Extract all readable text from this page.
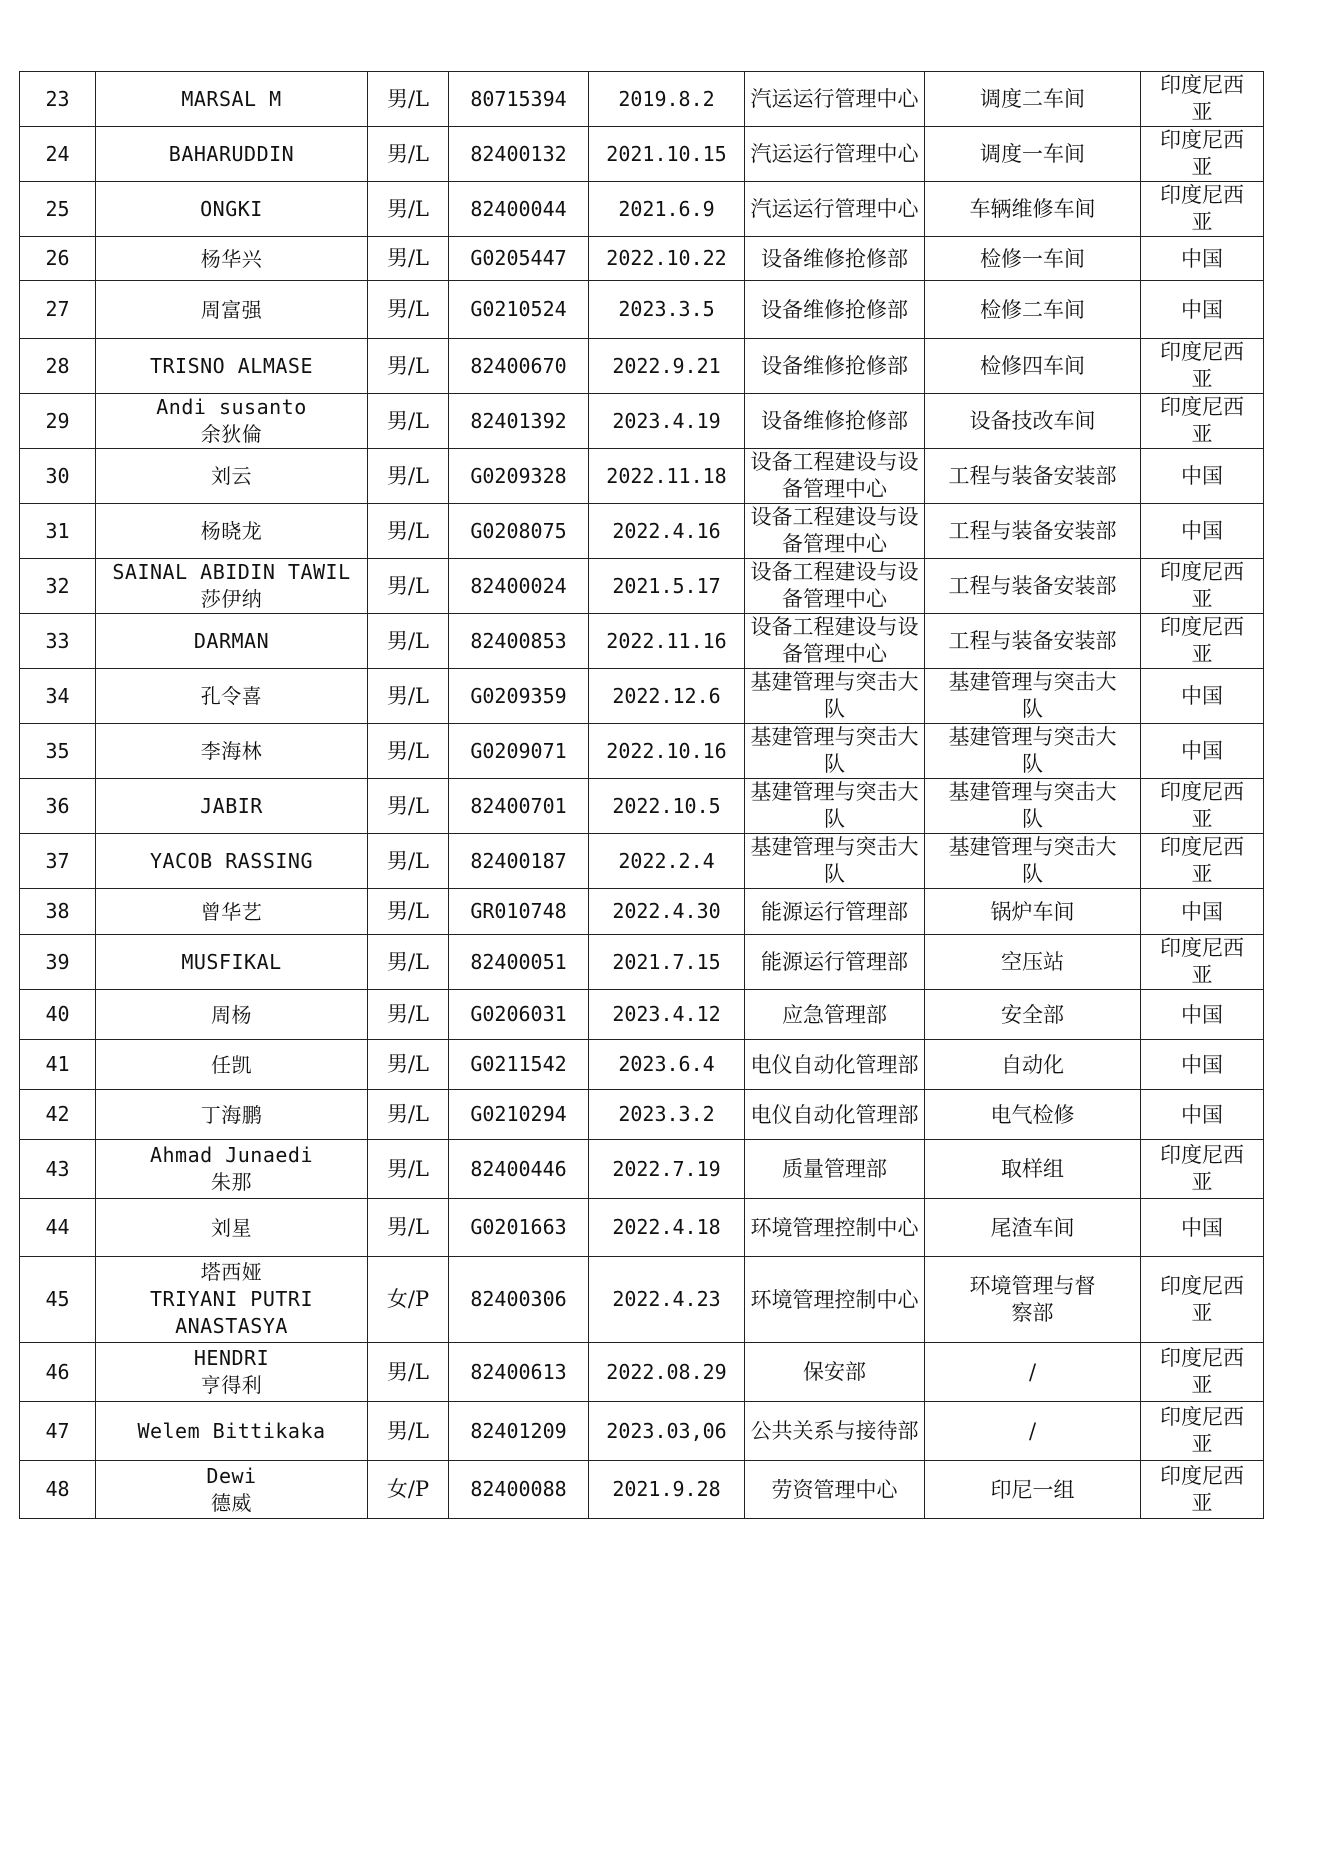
23	MARSAL M	男/L	80715394	2019.8.2	汽运运行管理中心	调度二车间	印度尼西
亚

24	BAHARUDDIN	男/L	82400132	2021.10.15	汽运运行管理中心	调度一车间	印度尼西
亚

25	ONGKI	男/L	82400044	2021.6.9	汽运运行管理中心	车辆维修车间	印度尼西
亚

26	杨华兴	男/L	G0205447	2022.10.22	设备维修抢修部	检修一车间	中国

27	周富强	男/L	G0210524	2023.3.5	设备维修抢修部	检修二车间	中国

28	TRISNO ALMASE	男/L	82400670	2022.9.21	设备维修抢修部	检修四车间	印度尼西
亚

29	Andi susanto
余狄倫	男/L	82401392	2023.4.19	设备维修抢修部	设备技改车间	印度尼西
亚

30	刘云	男/L	G0209328	2022.11.18	设备工程建设与设
备管理中心	工程与装备安装部	中国

31	杨晓龙	男/L	G0208075	2022.4.16	设备工程建设与设
备管理中心	工程与装备安装部	中国

32	SAINAL ABIDIN TAWIL
莎伊纳	男/L	82400024	2021.5.17	设备工程建设与设
备管理中心	工程与装备安装部	印度尼西
亚

33	DARMAN	男/L	82400853	2022.11.16	设备工程建设与设
备管理中心	工程与装备安装部	印度尼西
亚

34	孔令喜	男/L	G0209359	2022.12.6	基建管理与突击大
队	基建管理与突击大
队	中国

35	李海林	男/L	G0209071	2022.10.16	基建管理与突击大
队	基建管理与突击大
队	中国

36	JABIR	男/L	82400701	2022.10.5	基建管理与突击大
队	基建管理与突击大
队	印度尼西
亚

37	YACOB RASSING	男/L	82400187	2022.2.4	基建管理与突击大
队	基建管理与突击大
队	印度尼西
亚

38	曾华艺	男/L	GR010748	2022.4.30	能源运行管理部	锅炉车间	中国

39	MUSFIKAL	男/L	82400051	2021.7.15	能源运行管理部	空压站	印度尼西
亚

40	周杨	男/L	G0206031	2023.4.12	应急管理部	安全部	中国

41	任凯	男/L	G0211542	2023.6.4	电仪自动化管理部	自动化	中国

42	丁海鹏	男/L	G0210294	2023.3.2	电仪自动化管理部	电气检修	中国

43	Ahmad Junaedi
朱那	男/L	82400446	2022.7.19	质量管理部	取样组	印度尼西
亚

44	刘星	男/L	G0201663	2022.4.18	环境管理控制中心	尾渣车间	中国

45	塔西娅
TRIYANI PUTRI
ANASTASYA	女/P	82400306	2022.4.23	环境管理控制中心	环境管理与督
察部	印度尼西
亚

46	HENDRI
亨得利	男/L	82400613	2022.08.29	保安部	/	印度尼西
亚

47	Welem Bittikaka	男/L	82401209	2023.03,06	公共关系与接待部	/	印度尼西
亚

48	Dewi
德威	女/P	82400088	2021.9.28	劳资管理中心	印尼一组	印度尼西
亚
